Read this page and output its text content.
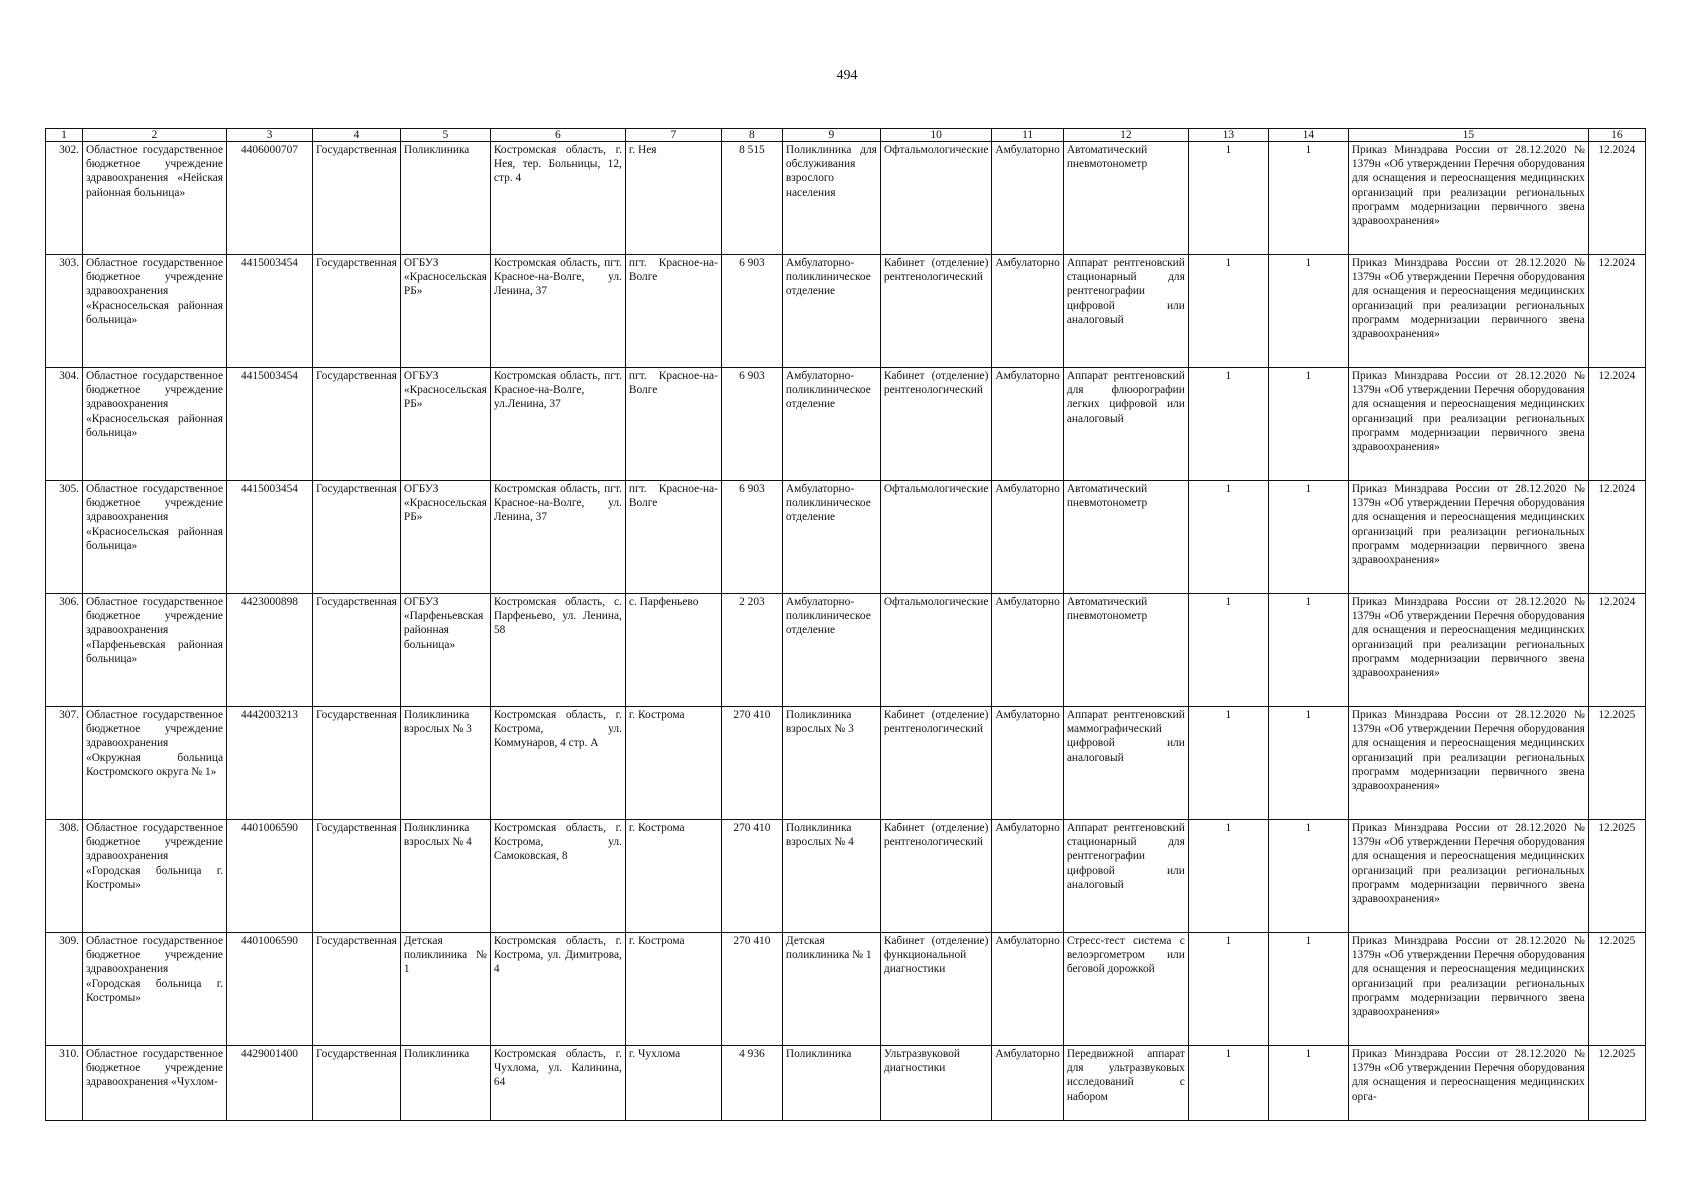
494
1	2	3	4	5	6	7	8	9	10	11	12	13	14	15	16
302.	Областное государственное бюджетное учреждение здравоохранения «Нейская районная больница»	4406000707	Государственная	Поликлиника	Костромская область, г. Нея, тер. Больницы, 12, стр. 4	г. Нея	8 515	Поликлиника для обслуживания взрослого населения	Офтальмологические	Амбулаторно	Автоматический пневмотонометр	1	1	Приказ Минздрава России от 28.12.2020 № 1379н «Об утверждении Перечня оборудования для оснащения и переоснащения медицинских организаций при реализации региональных программ модернизации первичного звена здравоохранения»	12.2024
303.	Областное государственное бюджетное учреждение здравоохранения «Красносельская районная больница»	4415003454	Государственная	ОГБУЗ «Красносельская РБ»	Костромская область, пгт. Красное-на-Волге, ул. Ленина, 37	пгт. Красное-на-Волге	6 903	Амбулаторно-поликлиническое отделение	Кабинет (отделение) рентгенологический	Амбулаторно	Аппарат рентгеновский стационарный для рентгенографии цифровой или аналоговый	1	1	Приказ Минздрава России от 28.12.2020 № 1379н «Об утверждении Перечня оборудования для оснащения и переоснащения медицинских организаций при реализации региональных программ модернизации первичного звена здравоохранения»	12.2024
304.	Областное государственное бюджетное учреждение здравоохранения «Красносельская районная больница»	4415003454	Государственная	ОГБУЗ «Красносельская РБ»	Костромская область, пгт. Красное-на-Волге, ул.Ленина, 37	пгт. Красное-на-Волге	6 903	Амбулаторно-поликлиническое отделение	Кабинет (отделение) рентгенологический	Амбулаторно	Аппарат рентгеновский для флюорографии легких цифровой или аналоговый	1	1	Приказ Минздрава России от 28.12.2020 № 1379н «Об утверждении Перечня оборудования для оснащения и переоснащения медицинских организаций при реализации региональных программ модернизации первичного звена здравоохранения»	12.2024
305.	Областное государственное бюджетное учреждение здравоохранения «Красносельская районная больница»	4415003454	Государственная	ОГБУЗ «Красносельская РБ»	Костромская область, пгт. Красное-на-Волге, ул. Ленина, 37	пгт. Красное-на-Волге	6 903	Амбулаторно-поликлиническое отделение	Офтальмологические	Амбулаторно	Автоматический пневмотонометр	1	1	Приказ Минздрава России от 28.12.2020 № 1379н «Об утверждении Перечня оборудования для оснащения и переоснащения медицинских организаций при реализации региональных программ модернизации первичного звена здравоохранения»	12.2024
306.	Областное государственное бюджетное учреждение здравоохранения «Парфеньевская районная больница»	4423000898	Государственная	ОГБУЗ «Парфеньевская районная больница»	Костромская область, с. Парфеньево, ул. Ленина, 58	с. Парфеньево	2 203	Амбулаторно-поликлиническое отделение	Офтальмологические	Амбулаторно	Автоматический пневмотонометр	1	1	Приказ Минздрава России от 28.12.2020 № 1379н «Об утверждении Перечня оборудования для оснащения и переоснащения медицинских организаций при реализации региональных программ модернизации первичного звена здравоохранения»	12.2024
307.	Областное государственное бюджетное учреждение здравоохранения «Окружная больница Костромского округа № 1»	4442003213	Государственная	Поликлиника взрослых № 3	Костромская область, г. Кострома, ул. Коммунаров, 4 стр. А	г. Кострома	270 410	Поликлиника взрослых № 3	Кабинет (отделение) рентгенологический	Амбулаторно	Аппарат рентгеновский маммографический цифровой или аналоговый	1	1	Приказ Минздрава России от 28.12.2020 № 1379н «Об утверждении Перечня оборудования для оснащения и переоснащения медицинских организаций при реализации региональных программ модернизации первичного звена здравоохранения»	12.2025
308.	Областное государственное бюджетное учреждение здравоохранения «Городская больница г. Костромы»	4401006590	Государственная	Поликлиника взрослых № 4	Костромская область, г. Кострома, ул. Самоковская, 8	г. Кострома	270 410	Поликлиника взрослых № 4	Кабинет (отделение) рентгенологический	Амбулаторно	Аппарат рентгеновский стационарный для рентгенографии цифровой или аналоговый	1	1	Приказ Минздрава России от 28.12.2020 № 1379н «Об утверждении Перечня оборудования для оснащения и переоснащения медицинских организаций при реализации региональных программ модернизации первичного звена здравоохранения»	12.2025
309.	Областное государственное бюджетное учреждение здравоохранения «Городская больница г. Костромы»	4401006590	Государственная	Детская поликлиника № 1	Костромская область, г. Кострома, ул. Димитрова, 4	г. Кострома	270 410	Детская поликлиника № 1	Кабинет (отделение) функциональной диагностики	Амбулаторно	Стресс-тест система с велоэргометром или беговой дорожкой	1	1	Приказ Минздрава России от 28.12.2020 № 1379н «Об утверждении Перечня оборудования для оснащения и переоснащения медицинских организаций при реализации региональных программ модернизации первичного звена здравоохранения»	12.2025
310.	Областное государственное бюджетное учреждение здравоохранения «Чухлом-	4429001400	Государственная	Поликлиника	Костромская область, г. Чухлома, ул. Калинина, 64	г. Чухлома	4 936	Поликлиника	Ультразвуковой диагностики	Амбулаторно	Передвижной аппарат для ультразвуковых исследований с набором	1	1	Приказ Минздрава России от 28.12.2020 № 1379н «Об утверждении Перечня оборудования для оснащения и переоснащения медицинских орга-	12.2025
